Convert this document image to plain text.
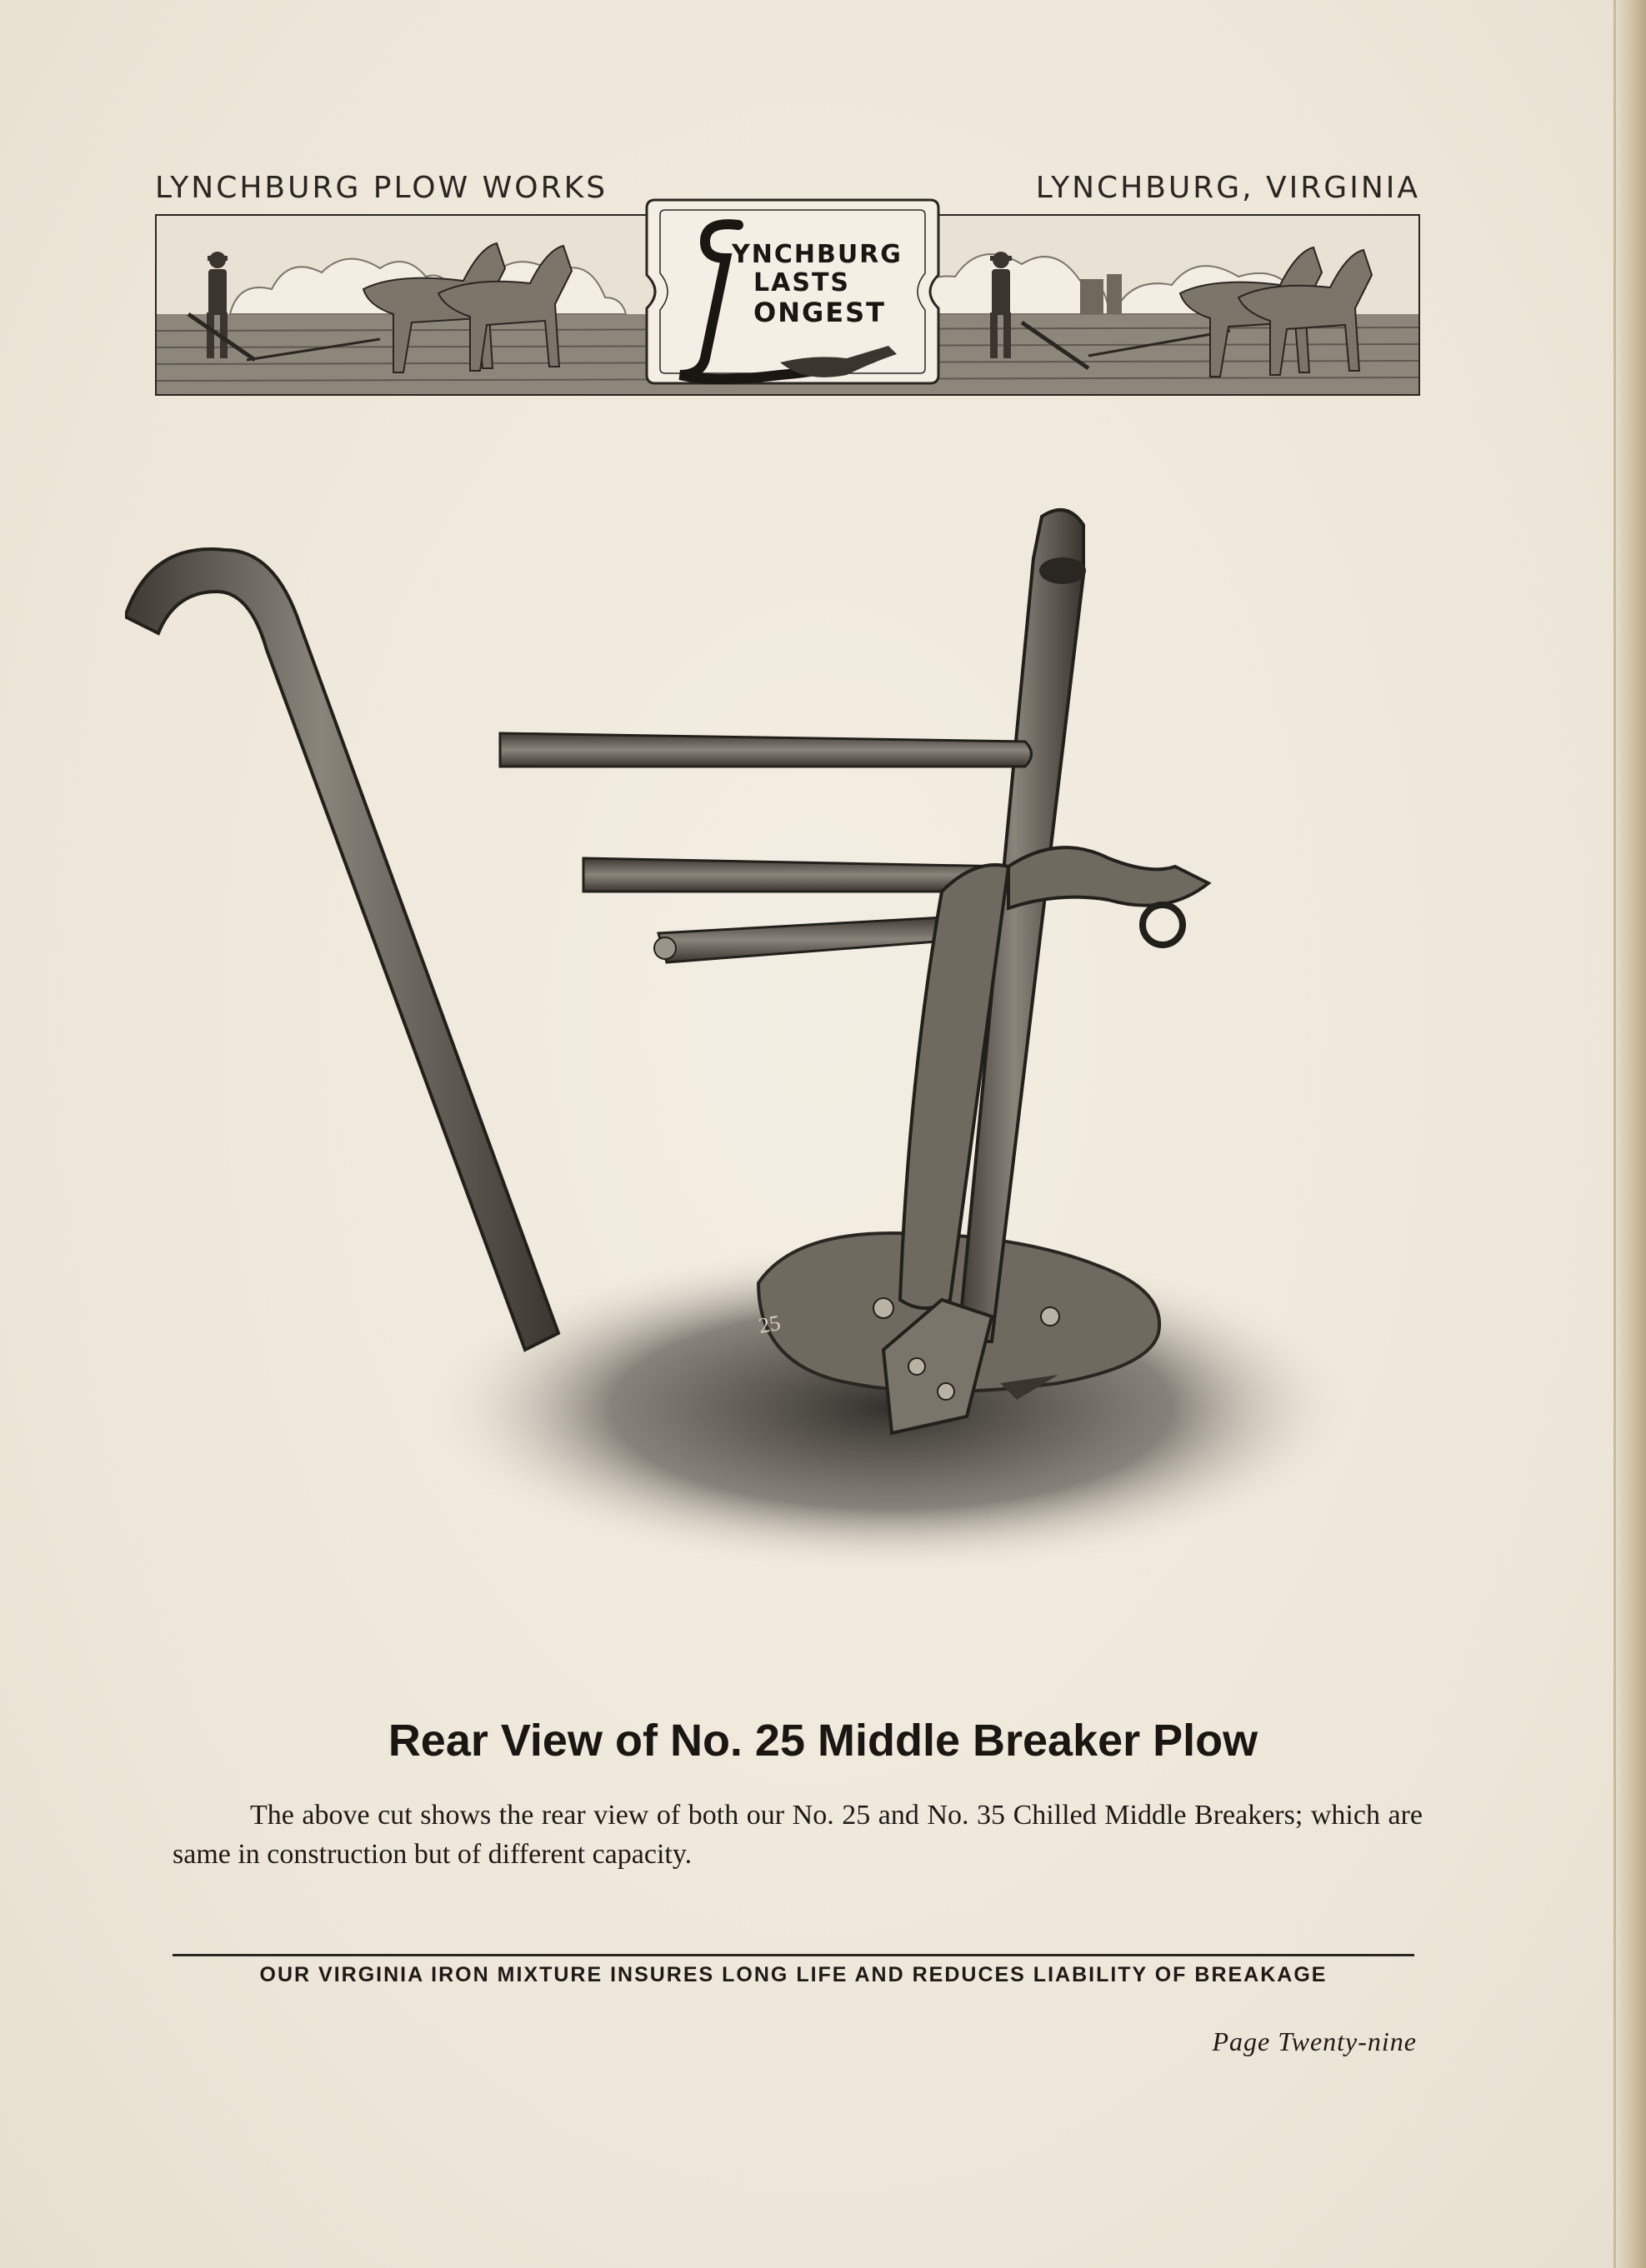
LYNCHBURG PLOW WORKS	LYNCHBURG, VIRGINIA
YNCHBURG
LASTS
ONGEST
25
Rear View of No. 25 Middle Breaker Plow

The above cut shows the rear view of both our No. 25 and No. 35 Chilled Middle Breakers; which are same in construction but of different capacity.

OUR VIRGINIA IRON MIXTURE INSURES LONG LIFE AND REDUCES LIABILITY OF BREAKAGE

Page Twenty-nine
